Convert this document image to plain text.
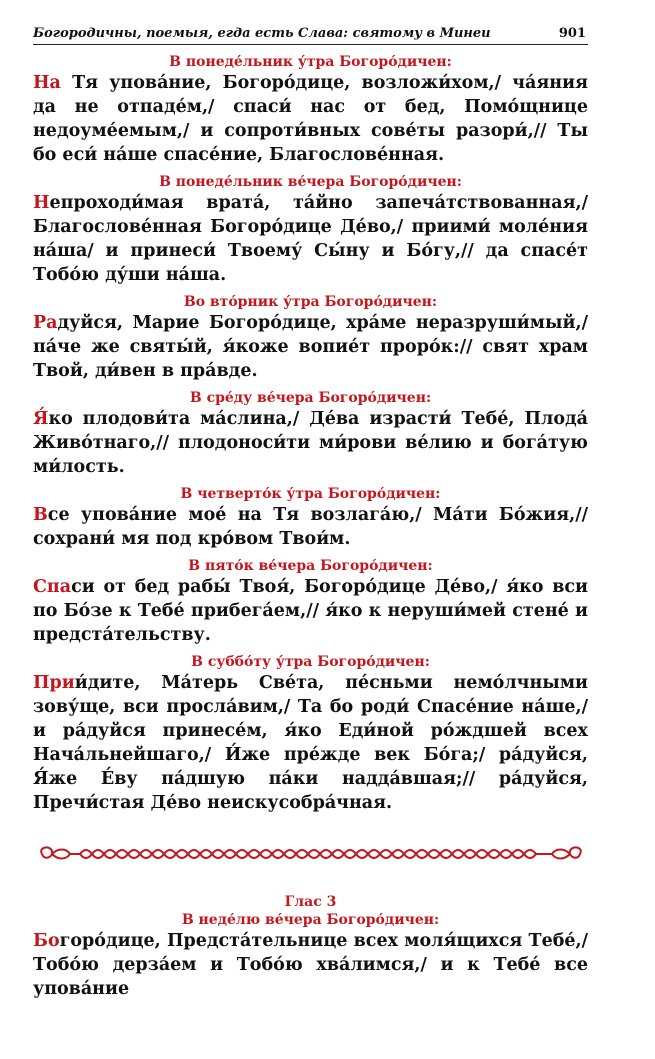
Богородичны, поемыя, егда есть Слава: святому в Минеи	901

В понеде́льник у́тра Богоро́дичен:

На Тя упова́ние, Богоро́дице, возложи́хом,/ ча́яния да не отпаде́м,/ спаси́ нас от бед, Помо́щнице недоуме́емым,/ и сопроти́вных сове́ты разори́,// Ты бо еси́ на́ше спасе́ние, Благослове́нная.

В понеде́льник ве́чера Богоро́дичен:

Непроходи́мая врата́, та́йно запеча́тствованная,/ Благослове́нная Богоро́дице Де́во,/ приими́ моле́ния на́ша/ и принеси́ Твоему́ Сы́ну и Бо́гу,// да спасе́т Тобо́ю ду́ши на́ша.

Во вто́рник у́тра Богоро́дичен:

Радуйся, Марие Богоро́дице, хра́ме неразруши́мый,/ па́че же святы́й, я́коже вопие́т проро́к:// свят храм Твой, ди́вен в пра́вде.

В сре́ду ве́чера Богоро́дичен:

Я́ко плодови́та ма́слина,/ Де́ва израсти́ Тебе́, Плода́ Живо́тнаго,// плодоноси́ти ми́рови ве́лию и бога́тую ми́лость.

В четверто́к у́тра Богоро́дичен:

Все упова́ние мое́ на Тя возлага́ю,/ Ма́ти Бо́жия,// сохрани́ мя под кро́вом Твои́м.

В пято́к ве́чера Богоро́дичен:

Спаси от бед рабы́ Твоя́, Богоро́дице Де́во,/ я́ко вси по Бо́зе к Тебе́ прибега́ем,// я́ко к неруши́мей стене́ и предста́тельству.

В суббо́ту у́тра Богоро́дичен:

Прии́дите, Ма́терь Све́та, пе́сньми немо́лчными зову́ще, вси просла́вим,/ Та бо роди́ Спасе́ние на́ше,/ и ра́дуйся принесе́м, я́ко Еди́ной ро́ждшей всех Нача́льнейшаго,/ И́же пре́жде век Бо́га;/ ра́дуйся, Я́же Е́ву па́дшую па́ки надда́вшая;// ра́дуйся, Пречи́стая Де́во неискусобра́чная.

Глас 3

В неде́лю ве́чера Богоро́дичен:

Богоpо́дице, Предста́тельнице всех моля́щихся Тебе́,/ Тобо́ю дерза́ем и Тобо́ю хва́лимся,/ и к Тебе́ все упова́ние
